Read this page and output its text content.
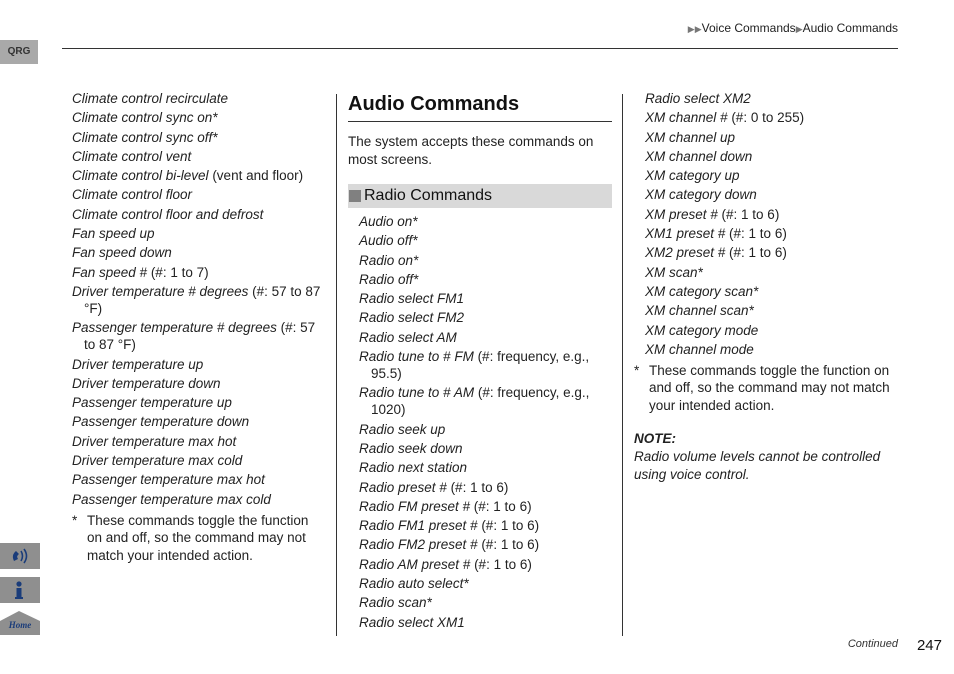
QRG
Home
▶▶Voice Commands▶Audio Commands
Climate control recirculate
Climate control sync on*
Climate control sync off*
Climate control vent
Climate control bi-level (vent and floor)
Climate control floor
Climate control floor and defrost
Fan speed up
Fan speed down
Fan speed # (#: 1 to 7)
Driver temperature # degrees (#: 57 to 87 °F)
Passenger temperature # degrees (#: 57 to 87 °F)
Driver temperature up
Driver temperature down
Passenger temperature up
Passenger temperature down
Driver temperature max hot
Driver temperature max cold
Passenger temperature max hot
Passenger temperature max cold
* These commands toggle the function on and off, so the command may not match your intended action.
Audio Commands
The system accepts these commands on most screens.
Radio Commands
Audio on*
Audio off*
Radio on*
Radio off*
Radio select FM1
Radio select FM2
Radio select AM
Radio tune to # FM (#: frequency, e.g., 95.5)
Radio tune to # AM (#: frequency, e.g., 1020)
Radio seek up
Radio seek down
Radio next station
Radio preset # (#: 1 to 6)
Radio FM preset # (#: 1 to 6)
Radio FM1 preset # (#: 1 to 6)
Radio FM2 preset # (#: 1 to 6)
Radio AM preset # (#: 1 to 6)
Radio auto select*
Radio scan*
Radio select XM1
Radio select XM2
XM channel # (#: 0 to 255)
XM channel up
XM channel down
XM category up
XM category down
XM preset # (#: 1 to 6)
XM1 preset # (#: 1 to 6)
XM2 preset # (#: 1 to 6)
XM scan*
XM category scan*
XM channel scan*
XM category mode
XM channel mode
* These commands toggle the function on and off, so the command may not match your intended action.
NOTE:
Radio volume levels cannot be controlled using voice control.
Continued 247
